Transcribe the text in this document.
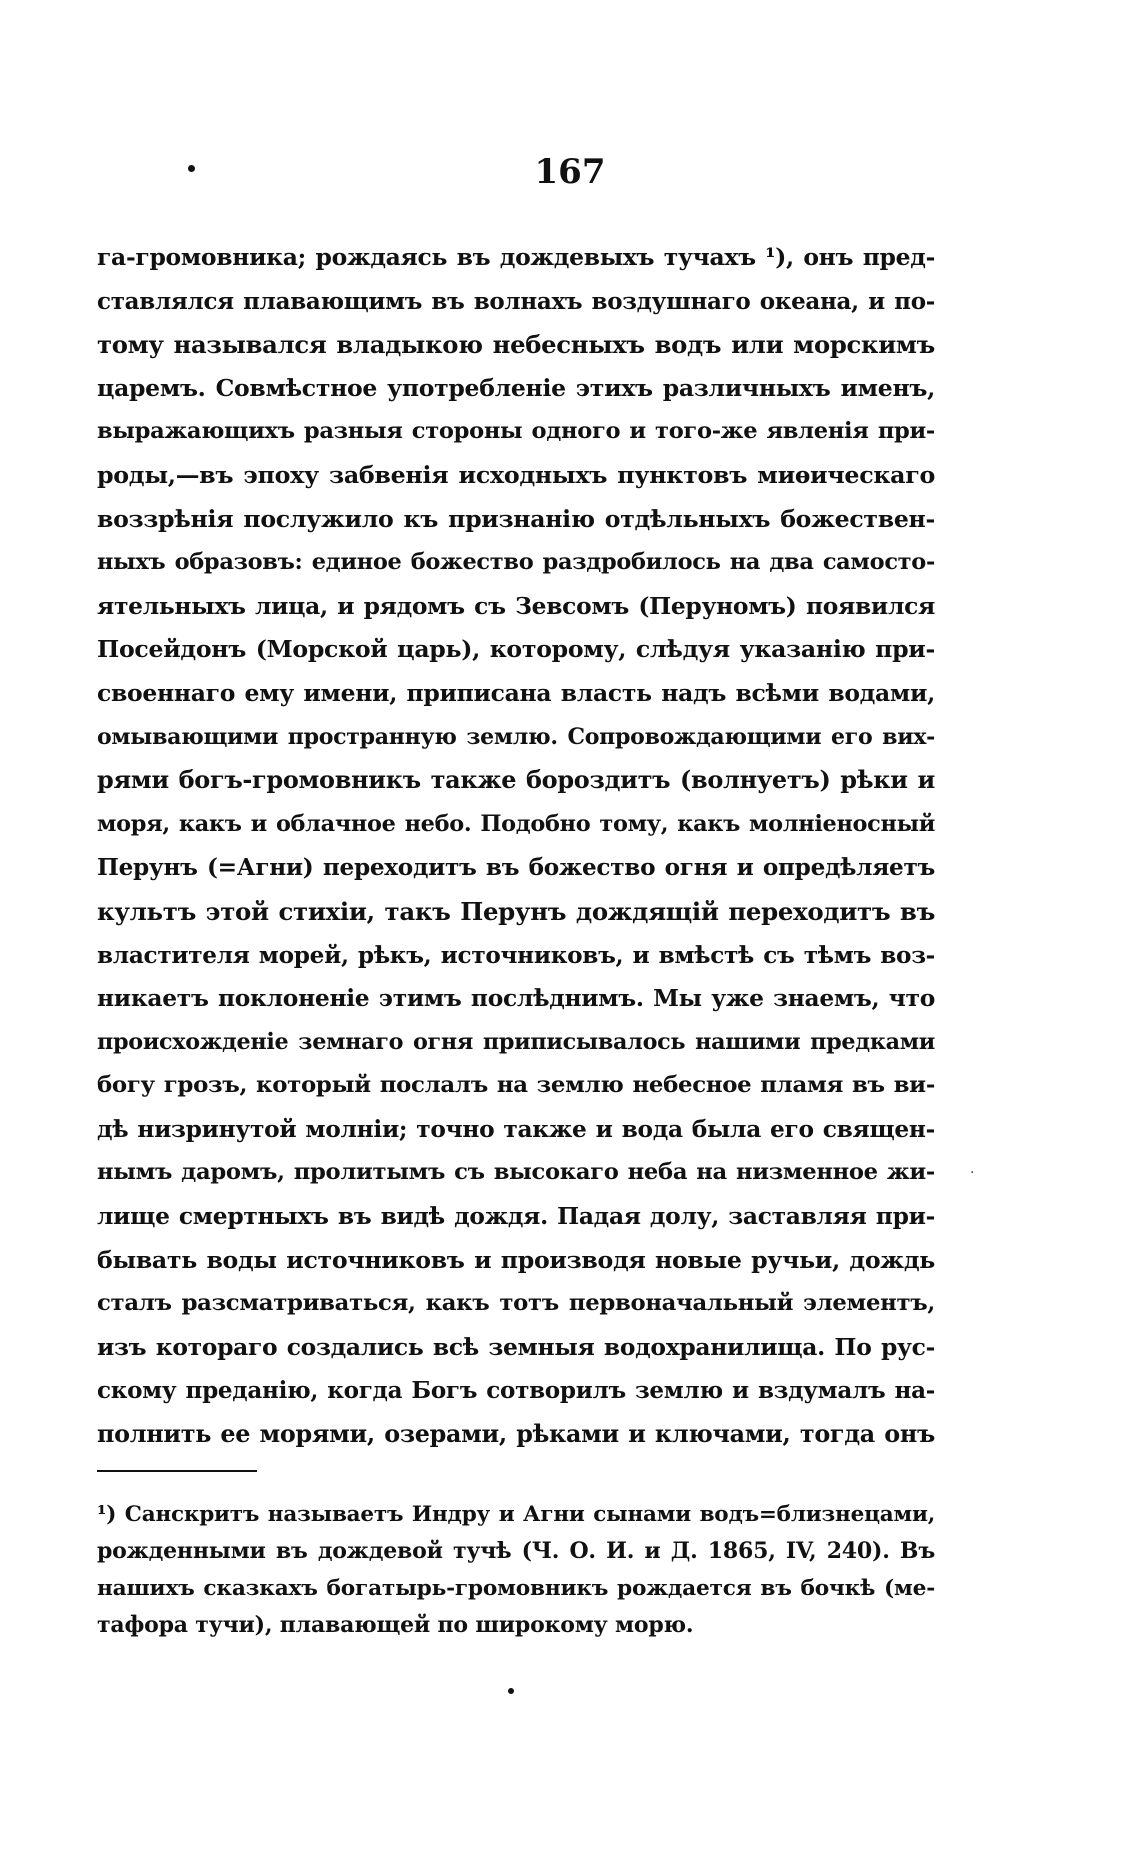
167
га-громовника; рождаясь въ дождевыхъ тучахъ ¹), онъ пред-
ставлялся плавающимъ въ волнахъ воздушнаго океана, и по-
тому назывался владыкою небесныхъ водъ или морскимъ
царемъ. Совмѣстное употребленіе этихъ различныхъ именъ,
выражающихъ разныя стороны одного и того-же явленія при-
роды,—въ эпоху забвенія исходныхъ пунктовъ миѳическаго
воззрѣнія послужило къ признанію отдѣльныхъ божествен-
ныхъ образовъ: единое божество раздробилось на два самосто-
ятельныхъ лица, и рядомъ съ Зевсомъ (Перуномъ) появился
Посейдонъ (Морской царь), которому, слѣдуя указанію при-
своеннаго ему имени, приписана власть надъ всѣми водами,
омывающими пространную землю. Сопровождающими его вих-
рями богъ-громовникъ также бороздитъ (волнуетъ) рѣки и
моря, какъ и облачное небо. Подобно тому, какъ молніеносный
Перунъ (=Агни) переходитъ въ божество огня и опредѣляетъ
культъ этой стихіи, такъ Перунъ дождящій переходитъ въ
властителя морей, рѣкъ, источниковъ, и вмѣстѣ съ тѣмъ воз-
никаетъ поклоненіе этимъ послѣднимъ. Мы уже знаемъ, что
происхожденіе земнаго огня приписывалось нашими предками
богу грозъ, который послалъ на землю небесное пламя въ ви-
дѣ низринутой молніи; точно также и вода была его священ-
нымъ даромъ, пролитымъ съ высокаго неба на низменное жи-
лище смертныхъ въ видѣ дождя. Падая долу, заставляя при-
бывать воды источниковъ и производя новые ручьи, дождь
сталъ разсматриваться, какъ тотъ первоначальный элементъ,
изъ котораго создались всѣ земныя водохранилища. По рус-
скому преданію, когда Богъ сотворилъ землю и вздумалъ на-
полнить ее морями, озерами, рѣками и ключами, тогда онъ
·
¹) Санскритъ называетъ Индру и Агни сынами водъ=близнецами,
рожденными въ дождевой тучѣ (Ч. О. И. и Д. 1865, IV, 240). Въ
нашихъ сказкахъ богатырь-громовникъ рождается въ бочкѣ (ме-
тафора тучи), плавающей по широкому морю.
